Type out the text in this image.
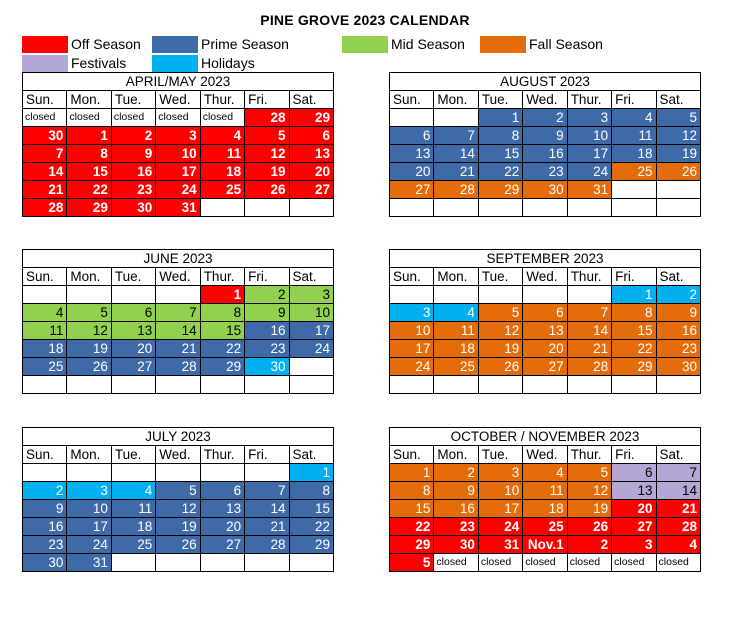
PINE GROVE 2023 CALENDAR
Off Season	Prime Season	Mid Season	Fall Season
Festivals	Holidays
APRIL/MAY 2023						
Sun.	Mon.	Tue.	Wed.	Thur.	Fri.	Sat.
closed	closed	closed	closed	closed	28	29
30	1	2	3	4	5	6
7	8	9	10	11	12	13
14	15	16	17	18	19	20
21	22	23	24	25	26	27
28	29	30	31			
AUGUST 2023						
Sun.	Mon.	Tue.	Wed.	Thur.	Fri.	Sat.
		1	2	3	4	5
6	7	8	9	10	11	12
13	14	15	16	17	18	19
20	21	22	23	24	25	26
27	28	29	30	31		

JUNE 2023						
Sun.	Mon.	Tue.	Wed.	Thur.	Fri.	Sat.
				1	2	3
4	5	6	7	8	9	10
11	12	13	14	15	16	17
18	19	20	21	22	23	24
25	26	27	28	29	30	

SEPTEMBER 2023						
Sun.	Mon.	Tue.	Wed.	Thur.	Fri.	Sat.
					1	2
3	4	5	6	7	8	9
10	11	12	13	14	15	16
17	18	19	20	21	22	23
24	25	26	27	28	29	30

JULY 2023						
Sun.	Mon.	Tue.	Wed.	Thur.	Fri.	Sat.
						1
2	3	4	5	6	7	8
9	10	11	12	13	14	15
16	17	18	19	20	21	22
23	24	25	26	27	28	29
30	31					
OCTOBER / NOVEMBER 2023						
Sun.	Mon.	Tue.	Wed.	Thur.	Fri.	Sat.
1	2	3	4	5	6	7
8	9	10	11	12	13	14
15	16	17	18	19	20	21
22	23	24	25	26	27	28
29	30	31	Nov.1	2	3	4
5	closed	closed	closed	closed	closed	closed
